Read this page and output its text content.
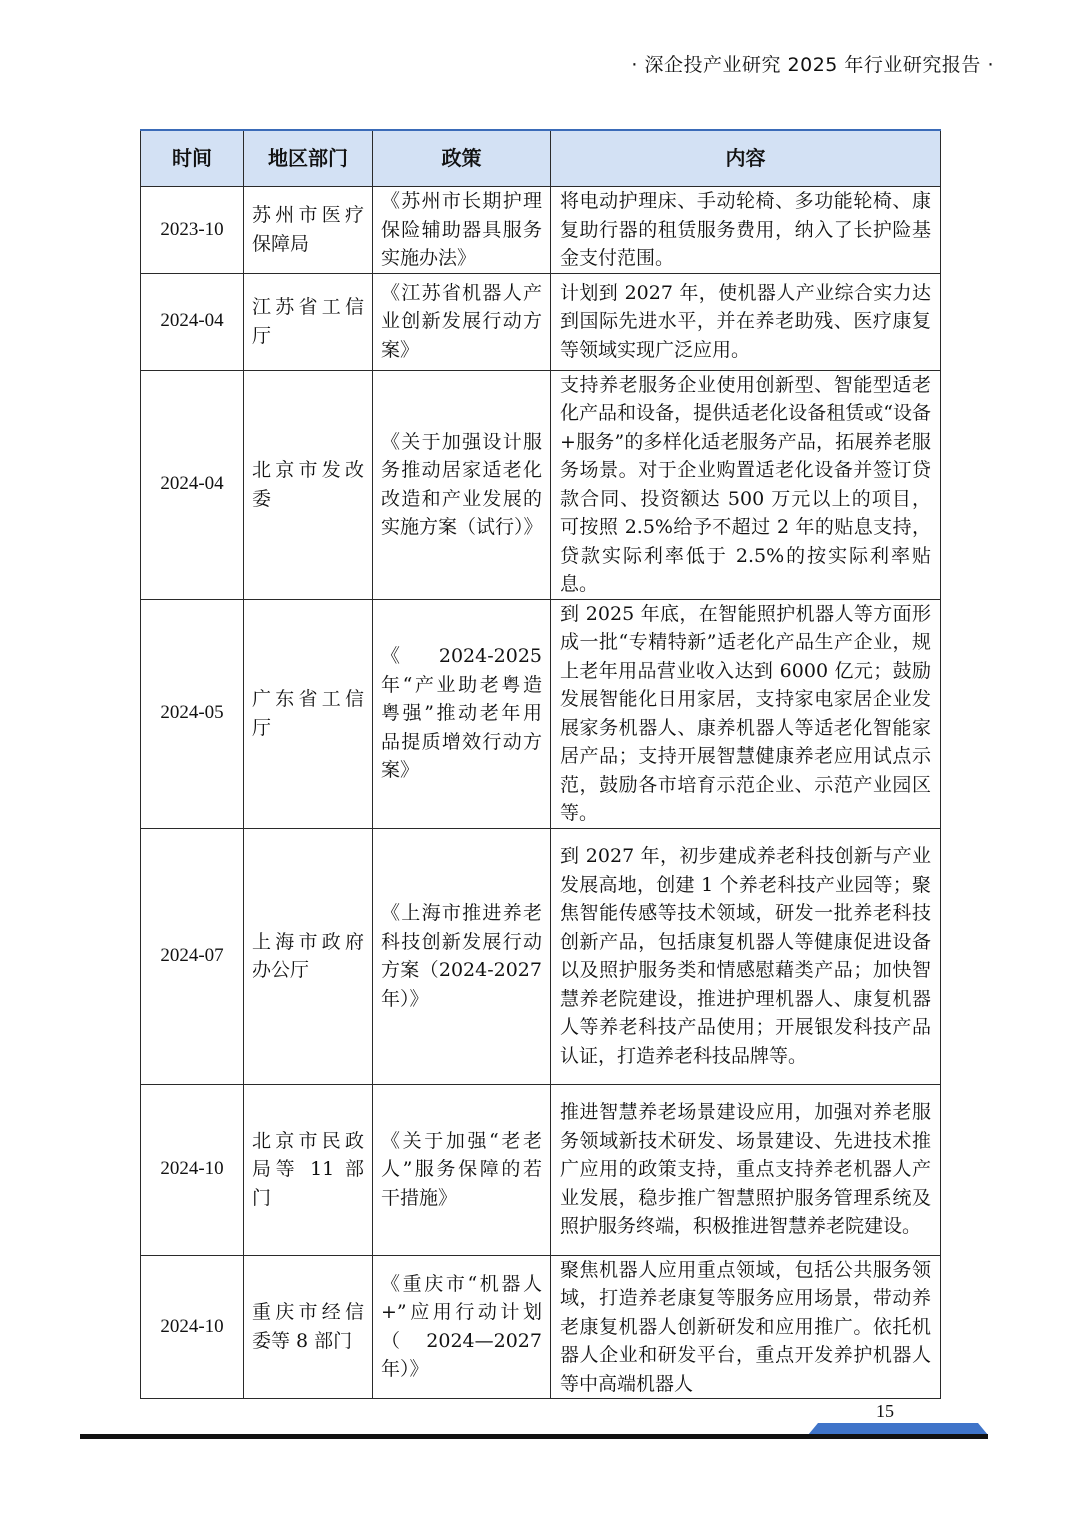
· 深企投产业研究 2025 年行业研究报告 ·
时间	地区部门	政策	内容
2023-10	苏州市医疗保障局	《苏州市长期护理保险辅助器具服务实施办法》	将电动护理床、手动轮椅、多功能轮椅、康复助行器的租赁服务费用，纳入了长护险基金支付范围。
2024-04	江苏省工信厅	《江苏省机器人产业创新发展行动方案》	计划到 2027 年，使机器人产业综合实力达到国际先进水平，并在养老助残、医疗康复等领域实现广泛应用。
2024-04	北京市发改委	《关于加强设计服务推动居家适老化改造和产业发展的实施方案（试行）》	支持养老服务企业使用创新型、智能型适老化产品和设备，提供适老化设备租赁或“设备+服务”的多样化适老服务产品，拓展养老服务场景。对于企业购置适老化设备并签订贷款合同、投资额达 500 万元以上的项目，可按照 2.5%给予不超过 2 年的贴息支持，贷款实际利率低于 2.5%的按实际利率贴息。
2024-05	广东省工信厅	《 2024-2025 年“产业助老粤造粤强”推动老年用品提质增效行动方案》	到 2025 年底，在智能照护机器人等方面形成一批“专精特新”适老化产品生产企业，规上老年用品营业收入达到 6000 亿元；鼓励发展智能化日用家居，支持家电家居企业发展家务机器人、康养机器人等适老化智能家居产品；支持开展智慧健康养老应用试点示范，鼓励各市培育示范企业、示范产业园区等。
2024-07	上海市政府办公厅	《上海市推进养老科技创新发展行动方案（2024-2027 年）》	到 2027 年，初步建成养老科技创新与产业发展高地，创建 1 个养老科技产业园等；聚焦智能传感等技术领域，研发一批养老科技创新产品，包括康复机器人等健康促进设备以及照护服务类和情感慰藉类产品；加快智慧养老院建设，推进护理机器人、康复机器人等养老科技产品使用；开展银发科技产品认证，打造养老科技品牌等。
2024-10	北京市民政局等 11 部门	《关于加强“老老人”服务保障的若干措施》	推进智慧养老场景建设应用，加强对养老服务领域新技术研发、场景建设、先进技术推广应用的政策支持，重点支持养老机器人产业发展，稳步推广智慧照护服务管理系统及照护服务终端，积极推进智慧养老院建设。
2024-10	重庆市经信委等 8 部门	《重庆市“机器人+”应用行动计划（2024—2027 年）》	聚焦机器人应用重点领域，包括公共服务领域，打造养老康复等服务应用场景，带动养老康复机器人创新研发和应用推广。依托机器人企业和研发平台，重点开发养护机器人等中高端机器人
15
